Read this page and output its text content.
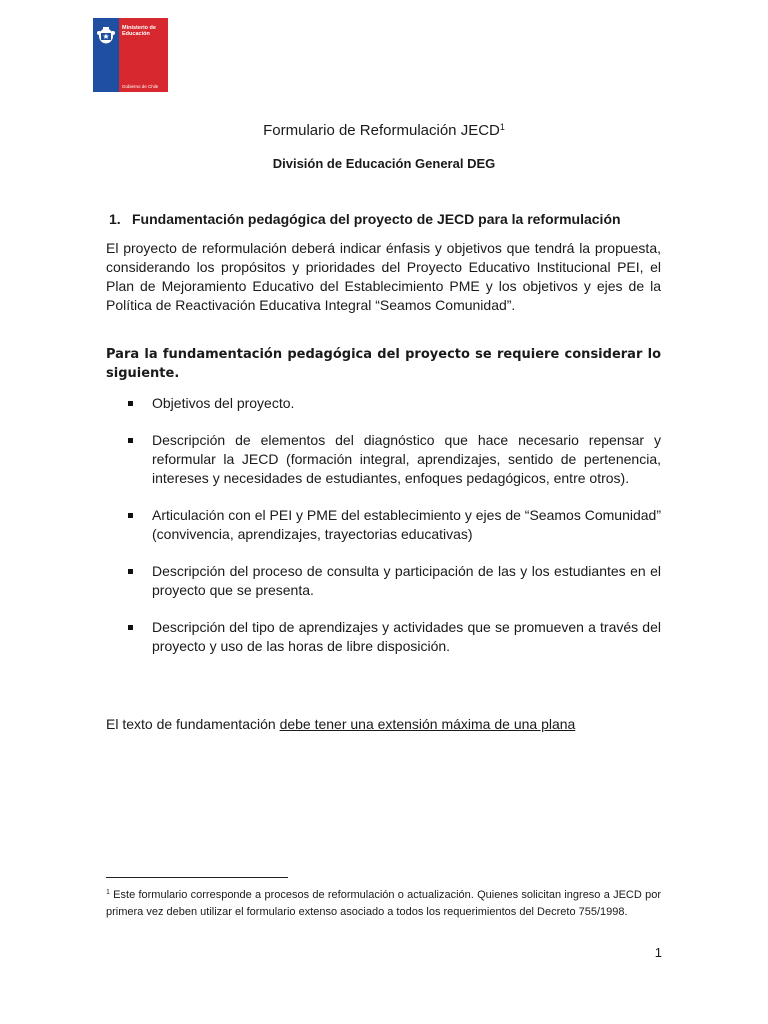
Ministerio de
Educación
Gobierno de Chile
Formulario de Reformulación JECD$^1$
División de Educación General DEG
1. Fundamentación pedagógica del proyecto de JECD para la reformulación
El proyecto de reformulación deberá indicar énfasis y objetivos que tendrá la propuesta, considerando los propósitos y prioridades del Proyecto Educativo Institucional PEI, el Plan de Mejoramiento Educativo del Establecimiento PME y los objetivos y ejes de la Política de Reactivación Educativa Integral “Seamos Comunidad”.
Para la fundamentación pedagógica del proyecto se requiere considerar lo siguiente.
Objetivos del proyecto.
Descripción de elementos del diagnóstico que hace necesario repensar y reformular la JECD (formación integral, aprendizajes, sentido de pertenencia, intereses y necesidades de estudiantes, enfoques pedagógicos, entre otros).
Articulación con el PEI y PME del establecimiento y ejes de “Seamos Comunidad” (convivencia, aprendizajes, trayectorias educativas)
Descripción del proceso de consulta y participación de las y los estudiantes en el proyecto que se presenta.
Descripción del tipo de aprendizajes y actividades que se promueven a través del proyecto y uso de las horas de libre disposición.
El texto de fundamentación debe tener una extensión máxima de una plana
$^1$ Este formulario corresponde a procesos de reformulación o actualización. Quienes solicitan ingreso a JECD por primera vez deben utilizar el formulario extenso asociado a todos los requerimientos del Decreto 755/1998.
1
